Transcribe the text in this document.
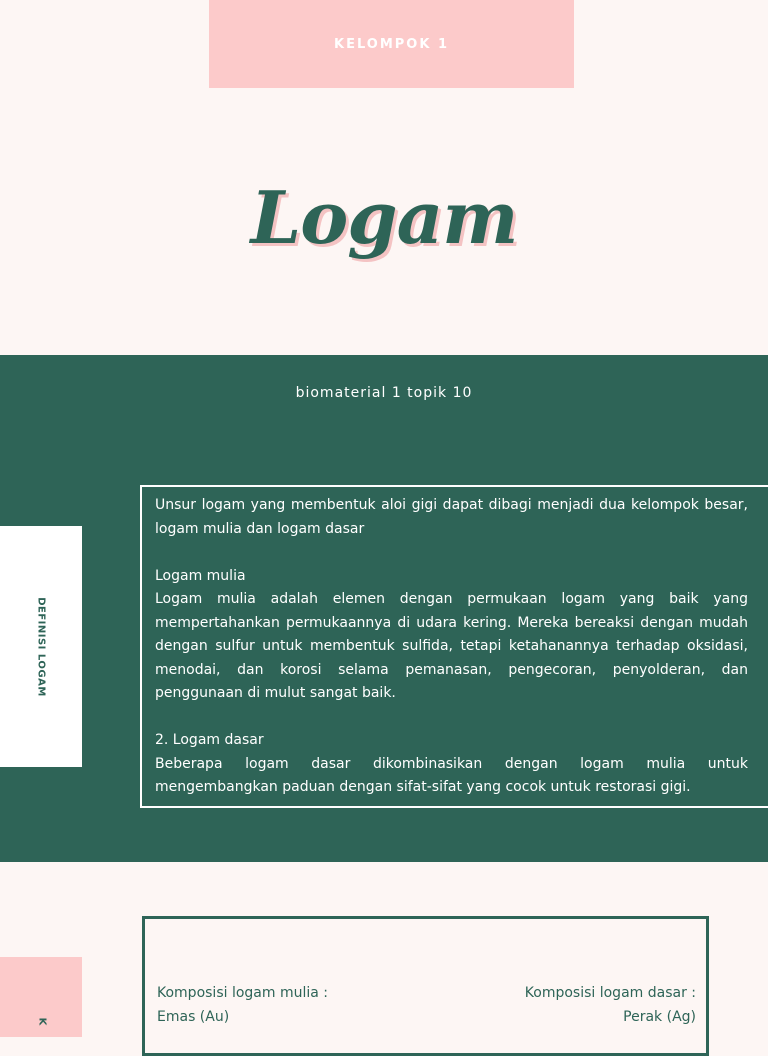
KELOMPOK 1
Logam
biomaterial 1 topik 10
DEFINISI LOGAM

Unsur logam yang membentuk aloi gigi dapat dibagi menjadi dua kelompok besar, logam mulia dan logam dasar

Logam mulia

Logam mulia adalah elemen dengan permukaan logam yang baik yang mempertahankan permukaannya di udara kering. Mereka bereaksi dengan mudah dengan sulfur untuk membentuk sulfida, tetapi ketahanannya terhadap oksidasi, menodai, dan korosi selama pemanasan, pengecoran, penyolderan, dan penggunaan di mulut sangat baik.

2. Logam dasar

Beberapa logam dasar dikombinasikan dengan logam mulia untuk mengembangkan paduan dengan sifat-sifat yang cocok untuk restorasi gigi.

K
Komposisi logam mulia :
Emas (Au)
Komposisi logam dasar :
Perak (Ag)
